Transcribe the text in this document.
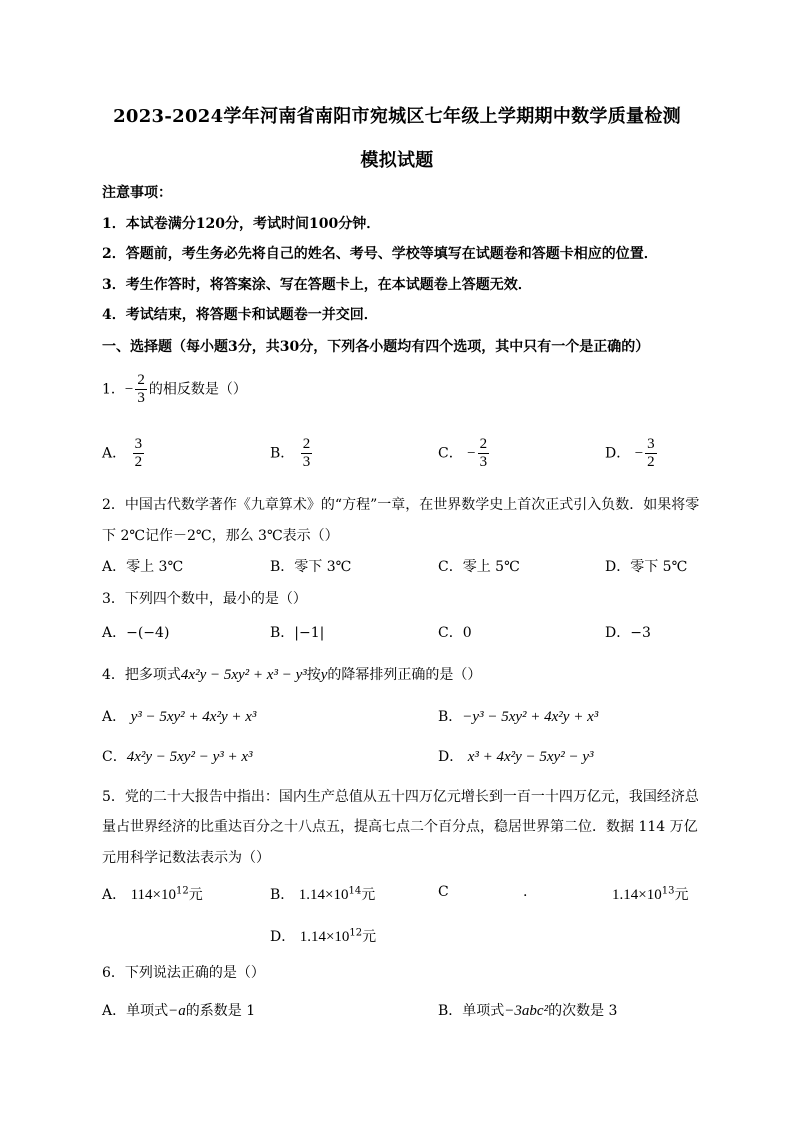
2023-2024学年河南省南阳市宛城区七年级上学期期中数学质量检测
模拟试题
注意事项：
1．本试卷满分120分，考试时间100分钟．
2．答题前，考生务必先将自己的姓名、考号、学校等填写在试题卷和答题卡相应的位置．
3．考生作答时，将答案涂、写在答题卡上，在本试题卷上答题无效．
4．考试结束，将答题卡和试题卷一并交回．
一、选择题（每小题3分，共30分，下列各小题均有四个选项，其中只有一个是正确的）
1．− $\frac{2}{3}$ 的相反数是（）
A． $\frac{3}{2}$	B． $\frac{2}{3}$	C． − $\frac{2}{3}$	D． − $\frac{3}{2}$
2．中国古代数学著作《九章算术》的“方程”一章，在世界数学史上首次正式引入负数．如果将零
下 2℃记作－2℃，那么 3℃表示（）
A．零上 3℃	B．零下 3℃	C．零上 5℃	D．零下 5℃
3．下列四个数中，最小的是（）
A．−(−4)	B．|−1|	C．0	D．−3
4．把多项式4x²y − 5xy² + x³ − y³按y的降幂排列正确的是（）
A． y³ − 5xy² + 4x²y + x³	B．−y³ − 5xy² + 4x²y + x³
C．4x²y − 5xy² − y³ + x³	D． x³ + 4x²y − 5xy² − y³
5．党的二十大报告中指出：国内生产总值从五十四万亿元增长到一百一十四万亿元，我国经济总
量占世界经济的比重达百分之十八点五，提高七点二个百分点，稳居世界第二位．数据 114 万亿
元用科学记数法表示为（）
A． $114\times 10^{12}$元	B． $1.14\times 10^{14}$元	C	.	$1.14\times 10^{13}$元
D． $1.14\times 10^{12}$元
6．下列说法正确的是（）
A．单项式−a的系数是 1	B．单项式−3abc²的次数是 3
